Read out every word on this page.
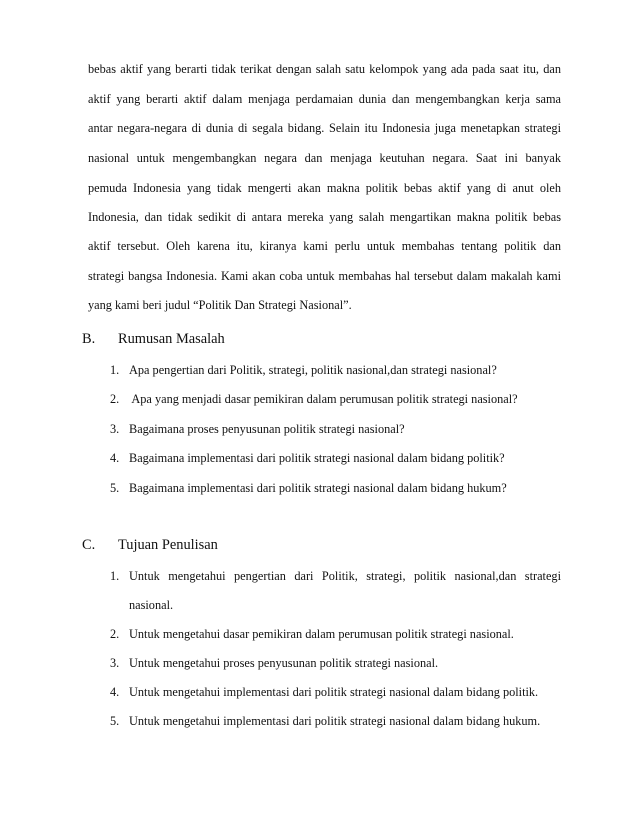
bebas aktif yang berarti tidak terikat dengan salah satu kelompok yang ada pada saat itu, dan
aktif yang berarti aktif dalam menjaga perdamaian dunia dan mengembangkan kerja sama
antar negara-negara di dunia di segala bidang. Selain itu Indonesia juga menetapkan strategi
nasional untuk mengembangkan negara dan menjaga keutuhan negara. Saat ini banyak
pemuda Indonesia yang tidak mengerti akan makna politik bebas aktif yang di anut oleh
Indonesia, dan tidak sedikit di antara mereka yang salah mengartikan makna politik bebas
aktif tersebut. Oleh karena itu, kiranya kami perlu untuk membahas tentang politik dan
strategi bangsa Indonesia. Kami akan coba untuk membahas hal tersebut dalam makalah kami
yang kami beri judul “Politik Dan Strategi Nasional”.
B. Rumusan Masalah
1. Apa pengertian dari Politik, strategi, politik nasional,dan strategi nasional?
2. Apa yang menjadi dasar pemikiran dalam perumusan politik strategi nasional?
3. Bagaimana proses penyusunan politik strategi nasional?
4. Bagaimana implementasi dari politik strategi nasional dalam bidang politik?
5. Bagaimana implementasi dari politik strategi nasional dalam bidang hukum?
C. Tujuan Penulisan
1. Untuk mengetahui pengertian dari Politik, strategi, politik nasional,dan strategi
nasional.
2. Untuk mengetahui dasar pemikiran dalam perumusan politik strategi nasional.
3. Untuk mengetahui proses penyusunan politik strategi nasional.
4. Untuk mengetahui implementasi dari politik strategi nasional dalam bidang politik.
5. Untuk mengetahui implementasi dari politik strategi nasional dalam bidang hukum.
